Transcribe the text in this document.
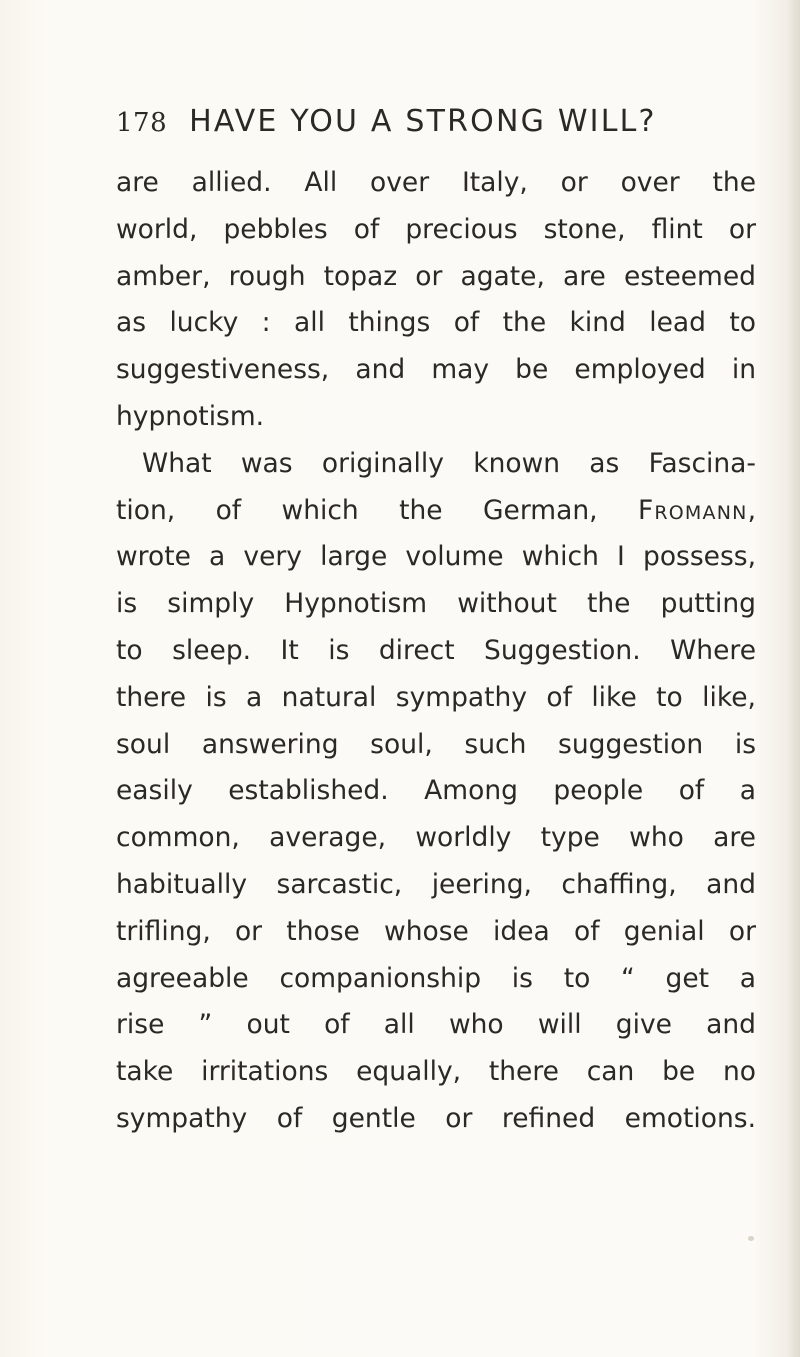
178 HAVE YOU A STRONG WILL?
are allied. All over Italy, or over the
world, pebbles of precious stone, flint or
amber, rough topaz or agate, are esteemed
as lucky : all things of the kind lead to
suggestiveness, and may be employed in
hypnotism.
What was originally known as Fascina-
tion, of which the German, Fromann,
wrote a very large volume which I possess,
is simply Hypnotism without the putting
to sleep. It is direct Suggestion. Where
there is a natural sympathy of like to like,
soul answering soul, such suggestion is
easily established. Among people of a
common, average, worldly type who are
habitually sarcastic, jeering, chaffing, and
trifling, or those whose idea of genial or
agreeable companionship is to “ get a
rise ” out of all who will give and
take irritations equally, there can be no
sympathy of gentle or refined emotions.
